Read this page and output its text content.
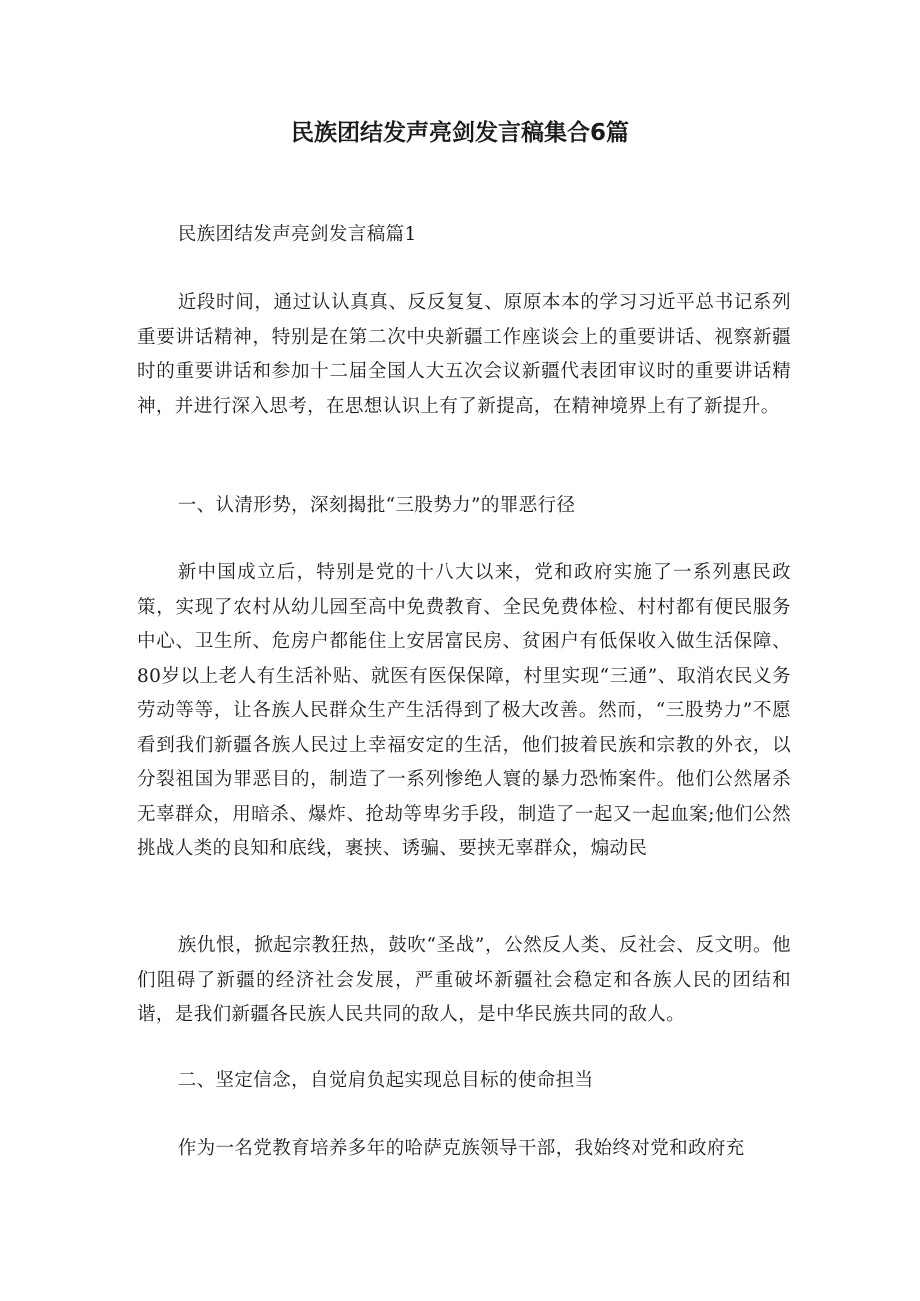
民族团结发声亮剑发言稿集合6篇

民族团结发声亮剑发言稿篇1

近段时间，通过认认真真、反反复复、原原本本的学习习近平总书记系列重要讲话精神，特别是在第二次中央新疆工作座谈会上的重要讲话、视察新疆时的重要讲话和参加十二届全国人大五次会议新疆代表团审议时的重要讲话精神，并进行深入思考，在思想认识上有了新提高，在精神境界上有了新提升。

一、认清形势，深刻揭批“三股势力”的罪恶行径

新中国成立后，特别是党的十八大以来，党和政府实施了一系列惠民政策，实现了农村从幼儿园至高中免费教育、全民免费体检、村村都有便民服务中心、卫生所、危房户都能住上安居富民房、贫困户有低保收入做生活保障、80岁以上老人有生活补贴、就医有医保保障，村里实现“三通”、取消农民义务劳动等等，让各族人民群众生产生活得到了极大改善。然而，“三股势力”不愿看到我们新疆各族人民过上幸福安定的生活，他们披着民族和宗教的外衣，以分裂祖国为罪恶目的，制造了一系列惨绝人寰的暴力恐怖案件。他们公然屠杀无辜群众，用暗杀、爆炸、抢劫等卑劣手段，制造了一起又一起血案;他们公然挑战人类的良知和底线，裹挟、诱骗、要挟无辜群众，煽动民

族仇恨，掀起宗教狂热，鼓吹“圣战”，公然反人类、反社会、反文明。他们阻碍了新疆的经济社会发展，严重破坏新疆社会稳定和各族人民的团结和谐，是我们新疆各民族人民共同的敌人，是中华民族共同的敌人。

二、坚定信念，自觉肩负起实现总目标的使命担当

作为一名党教育培养多年的哈萨克族领导干部，我始终对党和政府充
